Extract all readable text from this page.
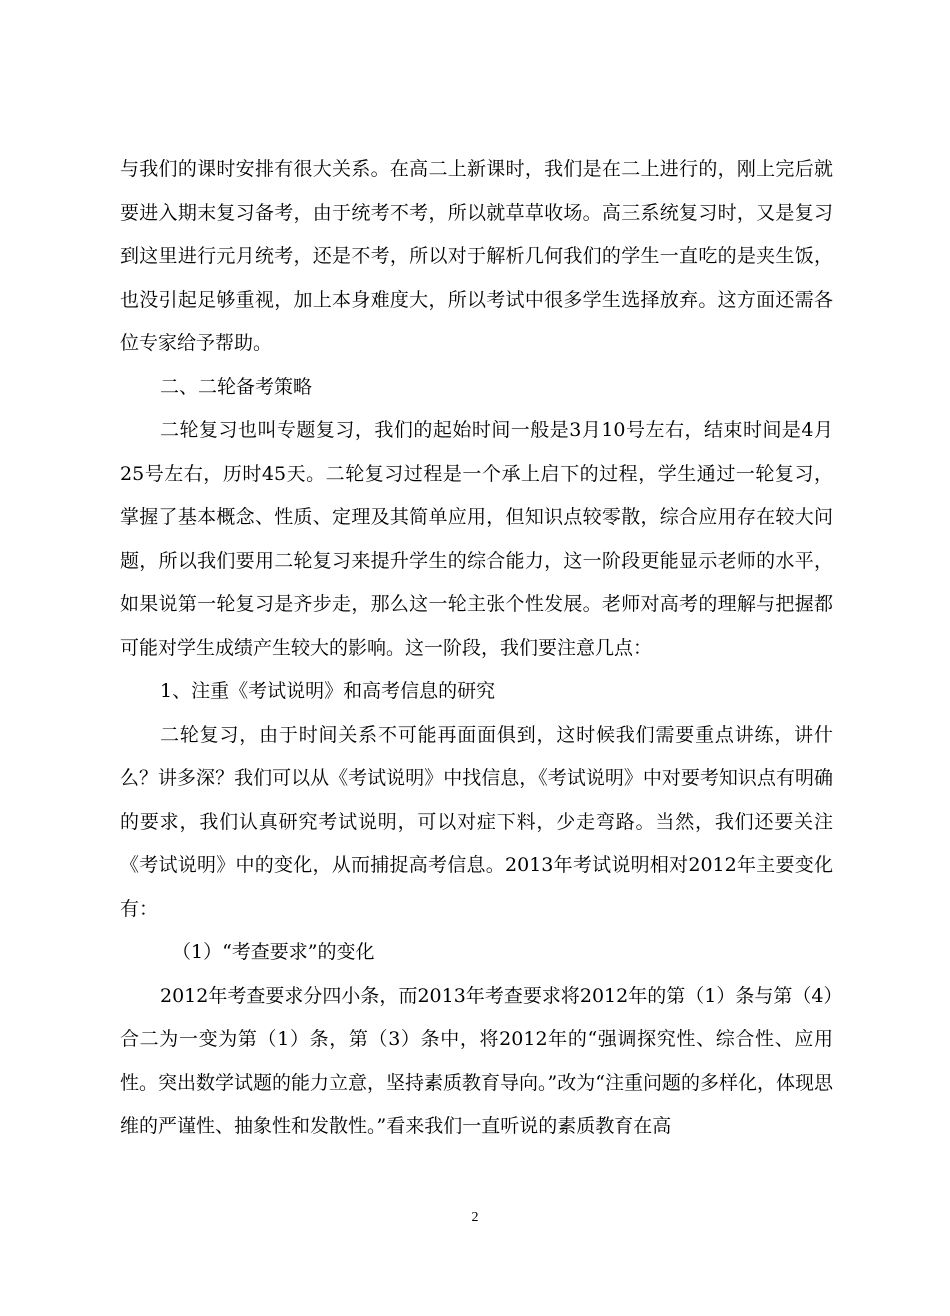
与我们的课时安排有很大关系。在高二上新课时，我们是在二上进行的，刚上完后就要进入期末复习备考，由于统考不考，所以就草草收场。高三系统复习时，又是复习到这里进行元月统考，还是不考，所以对于解析几何我们的学生一直吃的是夹生饭，也没引起足够重视，加上本身难度大，所以考试中很多学生选择放弃。这方面还需各位专家给予帮助。

二、二轮备考策略

二轮复习也叫专题复习，我们的起始时间一般是3月10号左右，结束时间是4月25号左右，历时45天。二轮复习过程是一个承上启下的过程，学生通过一轮复习，掌握了基本概念、性质、定理及其简单应用，但知识点较零散，综合应用存在较大问题，所以我们要用二轮复习来提升学生的综合能力，这一阶段更能显示老师的水平，如果说第一轮复习是齐步走，那么这一轮主张个性发展。老师对高考的理解与把握都可能对学生成绩产生较大的影响。这一阶段，我们要注意几点：

1、注重《考试说明》和高考信息的研究

二轮复习，由于时间关系不可能再面面俱到，这时候我们需要重点讲练，讲什么？讲多深？我们可以从《考试说明》中找信息，《考试说明》中对要考知识点有明确的要求，我们认真研究考试说明，可以对症下料，少走弯路。当然，我们还要关注《考试说明》中的变化，从而捕捉高考信息。2013年考试说明相对2012年主要变化有：

（1）“考查要求”的变化

2012年考查要求分四小条，而2013年考查要求将2012年的第（1）条与第（4）合二为一变为第（1）条，第（3）条中，将2012年的“强调探究性、综合性、应用性。突出数学试题的能力立意，坚持素质教育导向。”改为“注重问题的多样化，体现思维的严谨性、抽象性和发散性。”看来我们一直听说的素质教育在高

2
